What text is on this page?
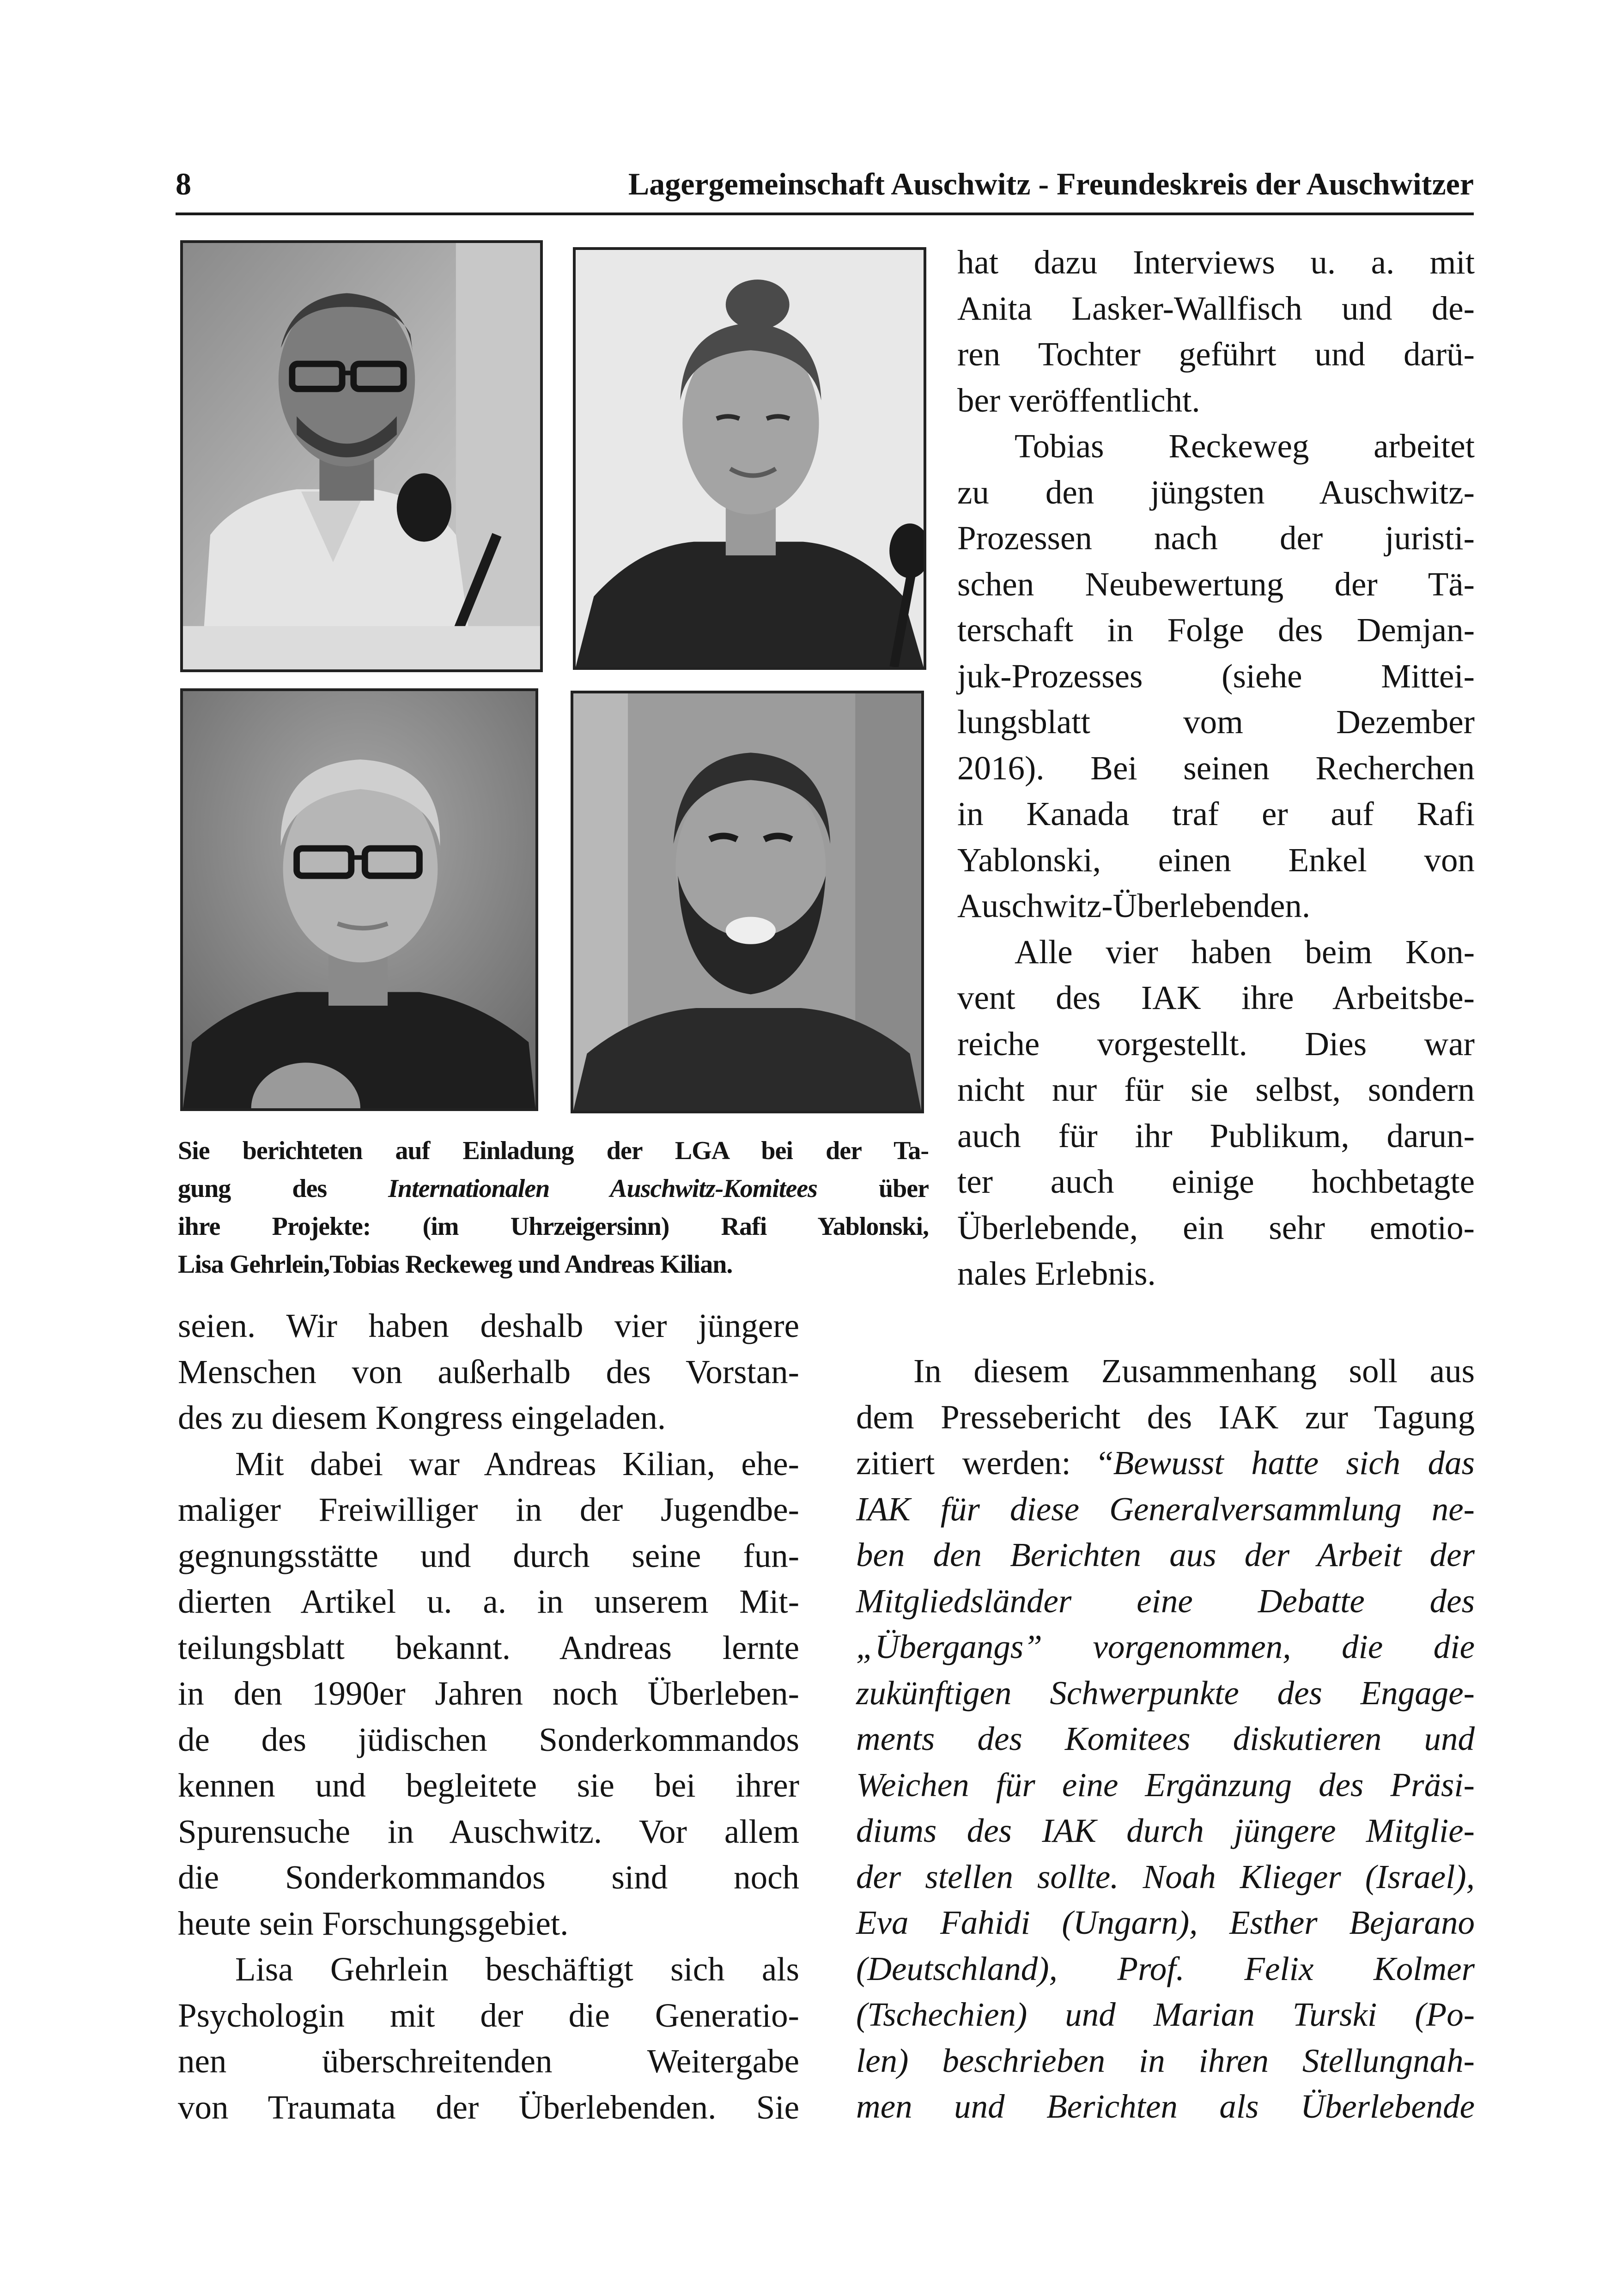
8	Lagergemeinschaft Auschwitz - Freundeskreis der Auschwitzer
Sie berichteten auf Einladung der LGA bei der Ta-
gung des Internationalen Auschwitz-Komitees über
ihre Projekte: (im Uhrzeigersinn) Rafi Yablonski,
Lisa Gehrlein,Tobias Reckeweg und Andreas Kilian.
hat dazu Interviews u. a. mit
Anita Lasker-Wallfisch und de-
ren Tochter geführt und darü-
ber veröffentlicht.
Tobias Reckeweg arbeitet
zu den jüngsten Auschwitz-
Prozessen nach der juristi-
schen Neubewertung der Tä-
terschaft in Folge des Demjan-
juk-Prozesses (siehe Mittei-
lungsblatt vom Dezember
2016). Bei seinen Recherchen
in Kanada traf er auf Rafi
Yablonski, einen Enkel von
Auschwitz-Überlebenden.
Alle vier haben beim Kon-
vent des IAK ihre Arbeitsbe-
reiche vorgestellt. Dies war
nicht nur für sie selbst, sondern
auch für ihr Publikum, darun-
ter auch einige hochbetagte
Überlebende, ein sehr emotio-
nales Erlebnis.
seien. Wir haben deshalb vier jüngere
Menschen von außerhalb des Vorstan-
des zu diesem Kongress eingeladen.
Mit dabei war Andreas Kilian, ehe-
maliger Freiwilliger in der Jugendbe-
gegnungsstätte und durch seine fun-
dierten Artikel u. a. in unserem Mit-
teilungsblatt bekannt. Andreas lernte
in den 1990er Jahren noch Überleben-
de des jüdischen Sonderkommandos
kennen und begleitete sie bei ihrer
Spurensuche in Auschwitz. Vor allem
die Sonderkommandos sind noch
heute sein Forschungsgebiet.
Lisa Gehrlein beschäftigt sich als
Psychologin mit der die Generatio-
nen überschreitenden Weitergabe
von Traumata der Überlebenden. Sie
In diesem Zusammenhang soll aus
dem Pressebericht des IAK zur Tagung
zitiert werden: “Bewusst hatte sich das
IAK für diese Generalversammlung ne-
ben den Berichten aus der Arbeit der
Mitgliedsländer eine Debatte des
„Übergangs” vorgenommen, die die
zukünftigen Schwerpunkte des Engage-
ments des Komitees diskutieren und
Weichen für eine Ergänzung des Präsi-
diums des IAK durch jüngere Mitglie-
der stellen sollte. Noah Klieger (Israel),
Eva Fahidi (Ungarn), Esther Bejarano
(Deutschland), Prof. Felix Kolmer
(Tschechien) und Marian Turski (Po-
len) beschrieben in ihren Stellungnah-
men und Berichten als Überlebende
